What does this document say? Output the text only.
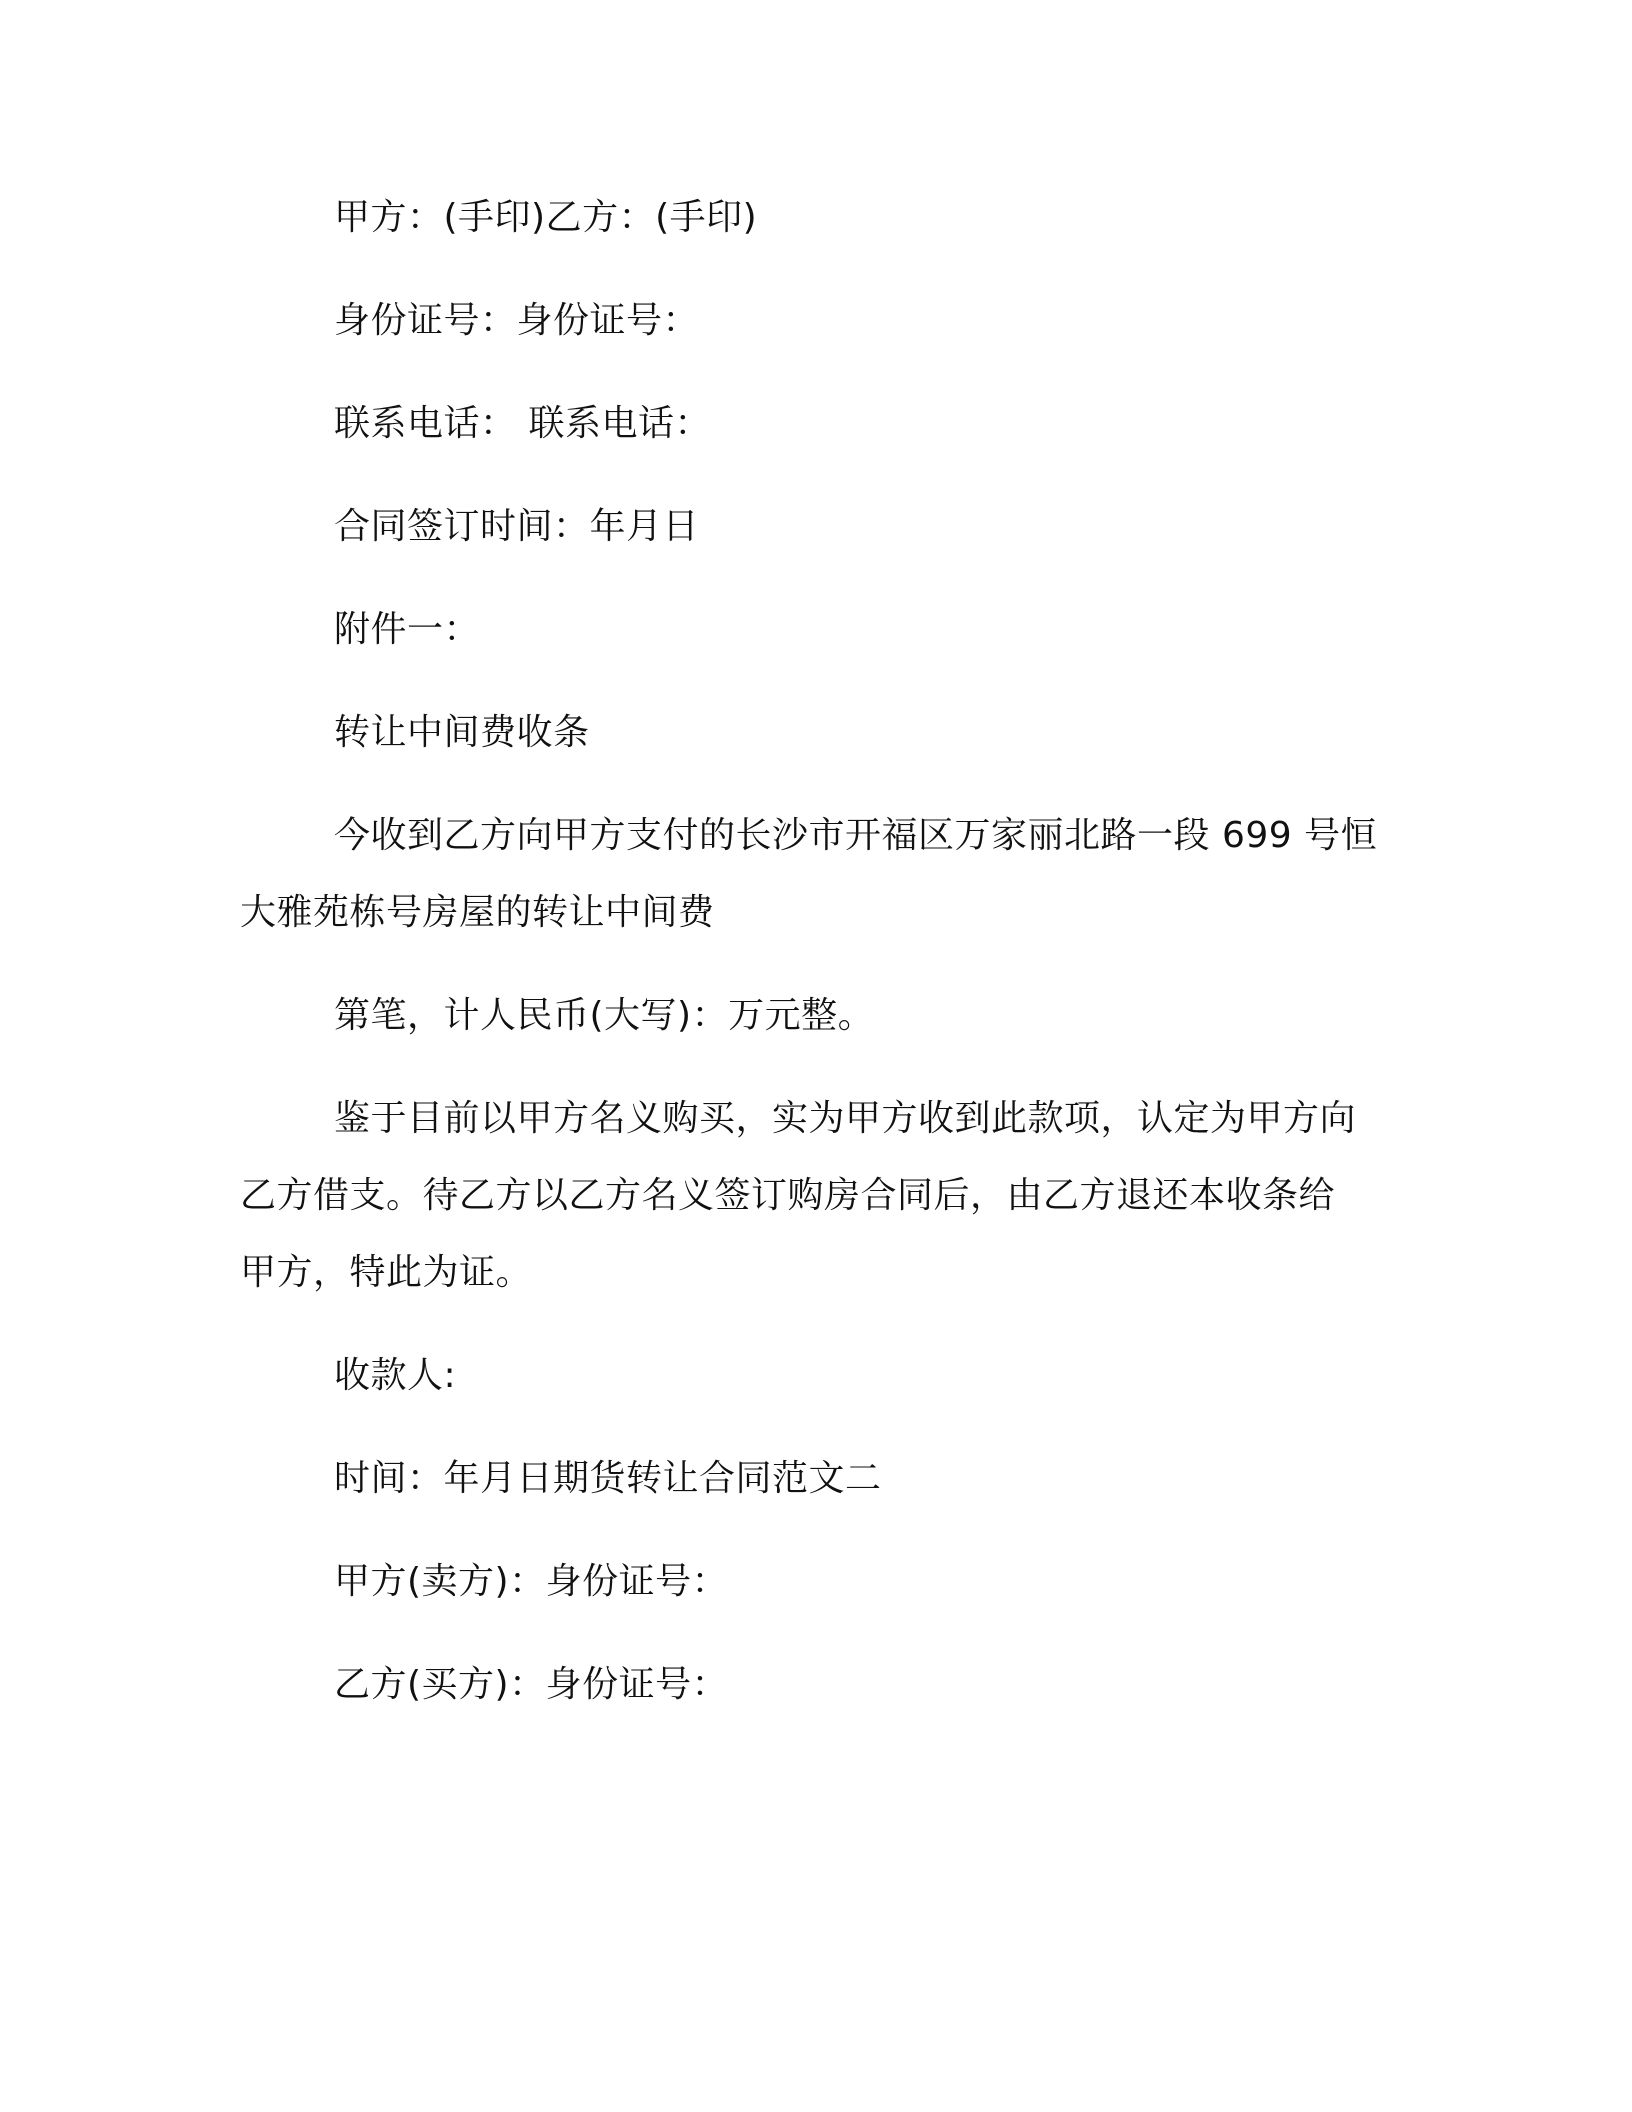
甲方：(手印)乙方：(手印)
身份证号：身份证号：
联系电话： 联系电话：
合同签订时间：年月日
附件一：
转让中间费收条
今收到乙方向甲方支付的长沙市开福区万家丽北路一段 699 号恒
大雅苑栋号房屋的转让中间费
第笔，计人民币(大写)：万元整。
鉴于目前以甲方名义购买，实为甲方收到此款项，认定为甲方向
乙方借支。待乙方以乙方名义签订购房合同后，由乙方退还本收条给
甲方，特此为证。
收款人:
时间：年月日期货转让合同范文二
甲方(卖方)：身份证号：
乙方(买方)：身份证号：
